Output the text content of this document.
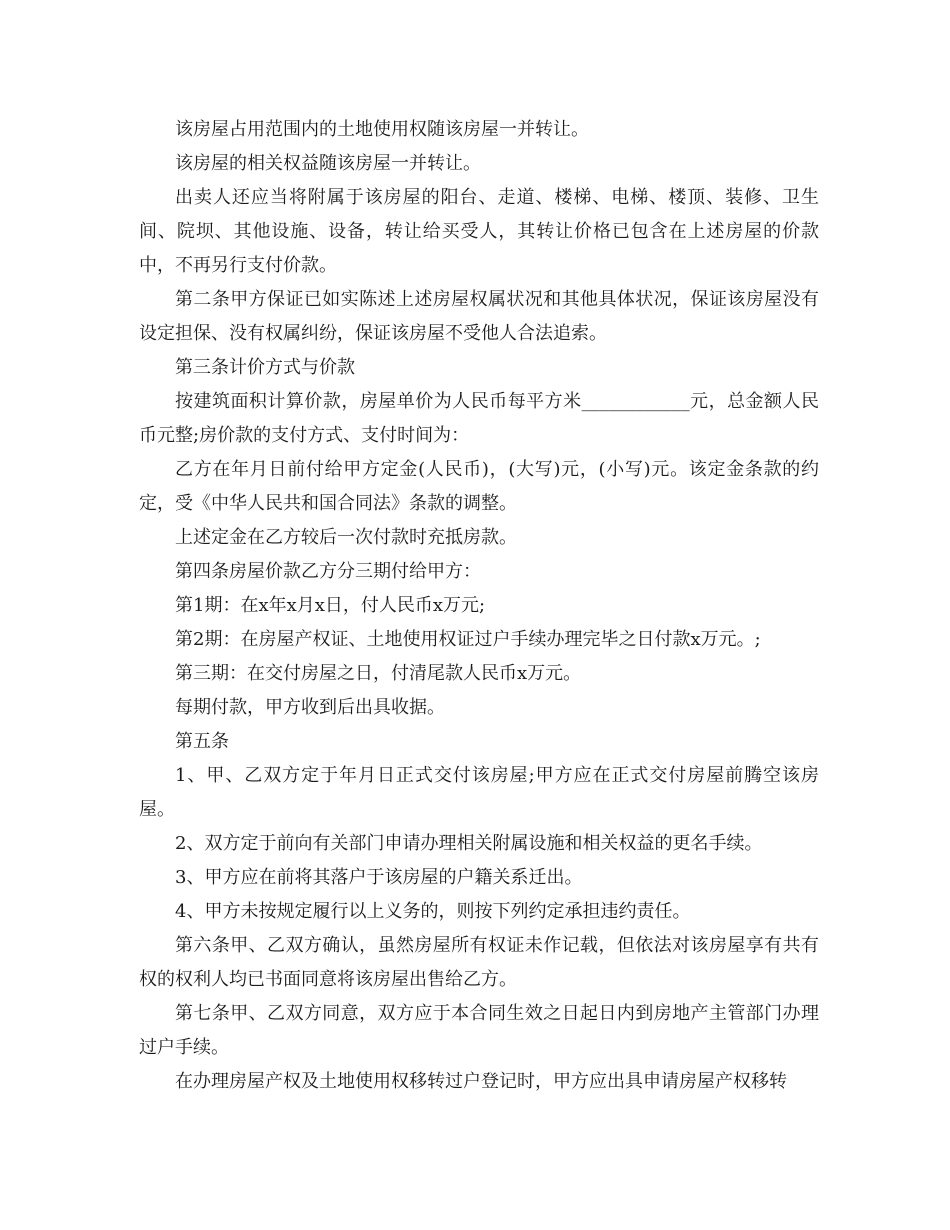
该房屋占用范围内的土地使用权随该房屋一并转让。

该房屋的相关权益随该房屋一并转让。

出卖人还应当将附属于该房屋的阳台、走道、楼梯、电梯、楼顶、装修、卫生间、院坝、其他设施、设备，转让给买受人，其转让价格已包含在上述房屋的价款中，不再另行支付价款。

第二条甲方保证已如实陈述上述房屋权属状况和其他具体状况，保证该房屋没有设定担保、没有权属纠纷，保证该房屋不受他人合法追索。

第三条计价方式与价款

按建筑面积计算价款，房屋单价为人民币每平方米____________元，总金额人民币元整;房价款的支付方式、支付时间为：

乙方在年月日前付给甲方定金(人民币)，(大写)元，(小写)元。该定金条款的约定，受《中华人民共和国合同法》条款的调整。

上述定金在乙方较后一次付款时充抵房款。

第四条房屋价款乙方分三期付给甲方：

第1期：在x年x月x日，付人民币x万元;

第2期：在房屋产权证、土地使用权证过户手续办理完毕之日付款x万元。;

第三期：在交付房屋之日，付清尾款人民币x万元。

每期付款，甲方收到后出具收据。

第五条

1、甲、乙双方定于年月日正式交付该房屋;甲方应在正式交付房屋前腾空该房屋。

2、双方定于前向有关部门申请办理相关附属设施和相关权益的更名手续。

3、甲方应在前将其落户于该房屋的户籍关系迁出。

4、甲方未按规定履行以上义务的，则按下列约定承担违约责任。

第六条甲、乙双方确认，虽然房屋所有权证未作记载，但依法对该房屋享有共有权的权利人均已书面同意将该房屋出售给乙方。

第七条甲、乙双方同意，双方应于本合同生效之日起日内到房地产主管部门办理过户手续。

在办理房屋产权及土地使用权移转过户登记时，甲方应出具申请房屋产权移转
